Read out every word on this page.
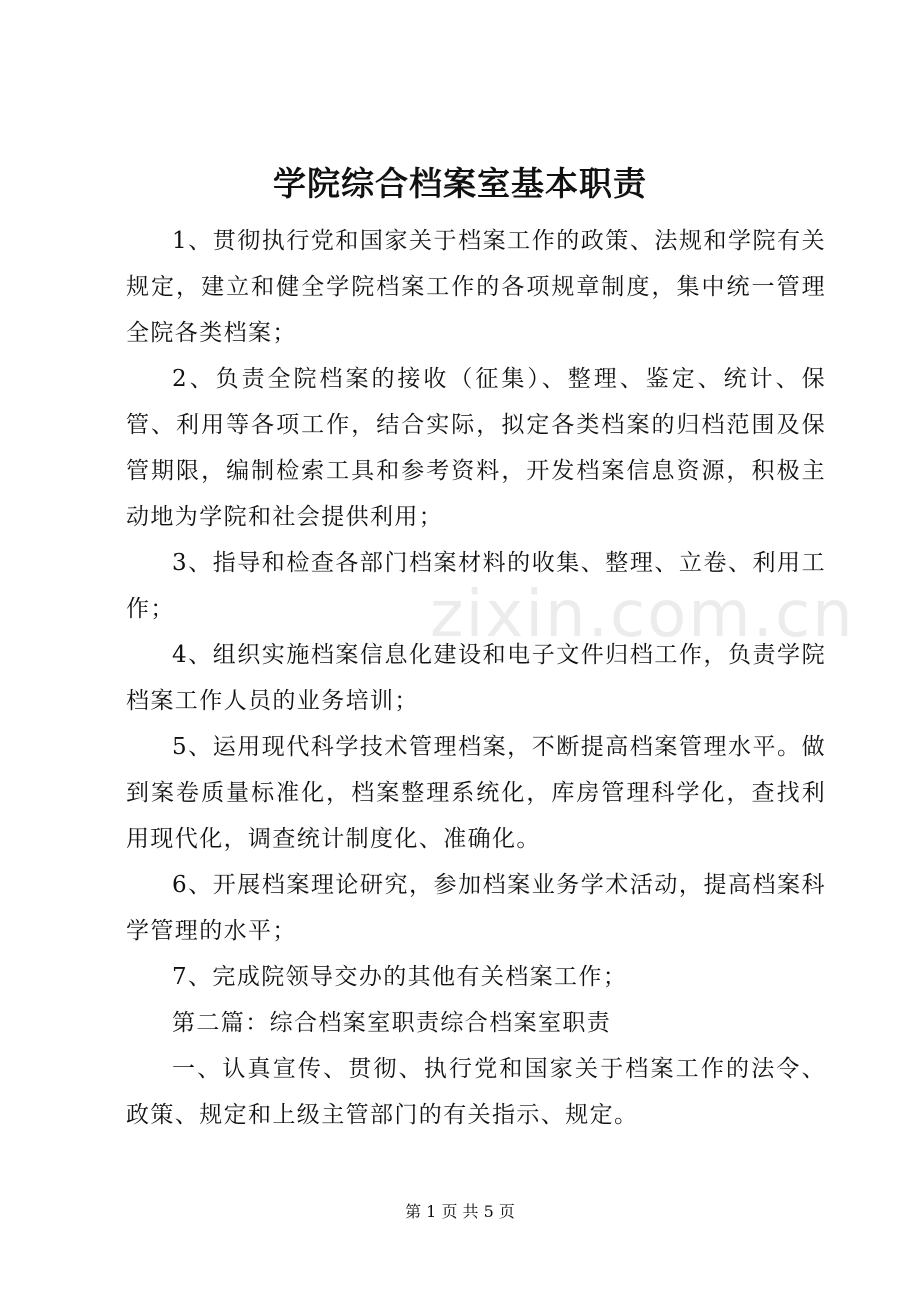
学院综合档案室基本职责

1、贯彻执行党和国家关于档案工作的政策、法规和学院有关规定，建立和健全学院档案工作的各项规章制度，集中统一管理全院各类档案；

2、负责全院档案的接收（征集）、整理、鉴定、统计、保管、利用等各项工作，结合实际，拟定各类档案的归档范围及保管期限，编制检索工具和参考资料，开发档案信息资源，积极主动地为学院和社会提供利用；

3、指导和检查各部门档案材料的收集、整理、立卷、利用工作；

4、组织实施档案信息化建设和电子文件归档工作，负责学院档案工作人员的业务培训；

5、运用现代科学技术管理档案，不断提高档案管理水平。做到案卷质量标准化，档案整理系统化，库房管理科学化，查找利用现代化，调查统计制度化、准确化。

6、开展档案理论研究，参加档案业务学术活动，提高档案科学管理的水平；

7、完成院领导交办的其他有关档案工作；

第二篇：综合档案室职责综合档案室职责

一、认真宣传、贯彻、执行党和国家关于档案工作的法令、政策、规定和上级主管部门的有关指示、规定。

zixin.com.cn
第 1 页 共 5 页
